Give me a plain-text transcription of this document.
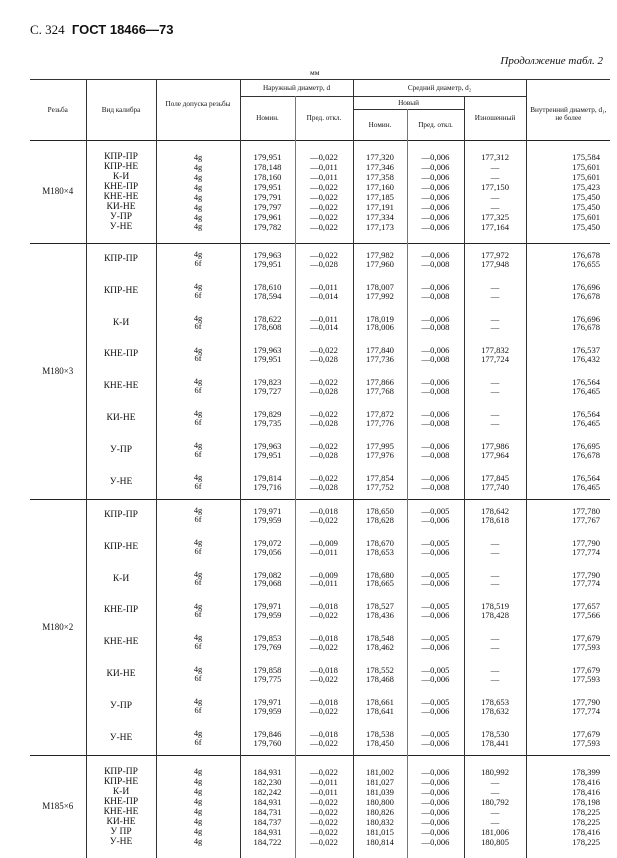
С. 324 ГОСТ 18466—73
Продолжение табл. 2
мм
Резьба	Вид калибра	Поле допуска резьбы	Наружный диаметр, d		Средний диаметр, d₂			Внутренний диаметр, d₁, не более
			Номин.	Пред. откл.	Новый		Изношенный	
					Номин.	Пред. откл.		
М180×4	КПР-ПР	4g	179,951	—0,022	177,320	—0,006	177,312	175,584
	КПР-НЕ	4g	178,148	—0,011	177,346	—0,006	—	175,601
	К-И	4g	178,160	—0,011	177,358	—0,006	—	175,601
	КНЕ-ПР	4g	179,951	—0,022	177,160	—0,006	177,150	175,423
	КНЕ-НЕ	4g	179,791	—0,022	177,185	—0,006	—	175,450
	КИ-НЕ	4g	179,797	—0,022	177,191	—0,006	—	175,450
	У-ПР	4g	179,961	—0,022	177,334	—0,006	177,325	175,601
	У-НЕ	4g	179,782	—0,022	177,173	—0,006	177,164	175,450
М180×3	КПР-ПР	4g	179,963	—0,022	177,982	—0,006	177,972	176,678
		6f	179,951	—0,028	177,960	—0,008	177,948	176,655
	КПР-НЕ	4g	178,610	—0,011	178,007	—0,006	—	176,696
		6f	178,594	—0,014	177,992	—0,008	—	176,678
	К-И	4g	178,622	—0,011	178,019	—0,006	—	176,696
		6f	178,608	—0,014	178,006	—0,008	—	176,678
	КНЕ-ПР	4g	179,963	—0,022	177,840	—0,006	177,832	176,537
		6f	179,951	—0,028	177,736	—0,008	177,724	176,432
	КНЕ-НЕ	4g	179,823	—0,022	177,866	—0,006	—	176,564
		6f	179,727	—0,028	177,768	—0,008	—	176,465
	КИ-НЕ	4g	179,829	—0,022	177,872	—0,006	—	176,564
		6f	179,735	—0,028	177,776	—0,008	—	176,465
	У-ПР	4g	179,963	—0,022	177,995	—0,006	177,986	176,695
		6f	179,951	—0,028	177,976	—0,008	177,964	176,678
	У-НЕ	4g	179,814	—0,022	177,854	—0,006	177,845	176,564
		6f	179,716	—0,028	177,752	—0,008	177,740	176,465
М180×2	КПР-ПР	4g	179,971	—0,018	178,650	—0,005	178,642	177,780
		6f	179,959	—0,022	178,628	—0,006	178,618	177,767
	КПР-НЕ	4g	179,072	—0,009	178,670	—0,005	—	177,790
		6f	179,056	—0,011	178,653	—0,006	—	177,774
	К-И	4g	179,082	—0,009	178,680	—0,005	—	177,790
		6f	179,068	—0,011	178,665	—0,006	—	177,774
	КНЕ-ПР	4g	179,971	—0,018	178,527	—0,005	178,519	177,657
		6f	179,959	—0,022	178,436	—0,006	178,428	177,566
	КНЕ-НЕ	4g	179,853	—0,018	178,548	—0,005	—	177,679
		6f	179,769	—0,022	178,462	—0,006	—	177,593
	КИ-НЕ	4g	179,858	—0,018	178,552	—0,005	—	177,679
		6f	179,775	—0,022	178,468	—0,006	—	177,593
	У-ПР	4g	179,971	—0,018	178,661	—0,005	178,653	177,790
		6f	179,959	—0,022	178,641	—0,006	178,632	177,774
	У-НЕ	4g	179,846	—0,018	178,538	—0,005	178,530	177,679
		6f	179,760	—0,022	178,450	—0,006	178,441	177,593
М185×6	КПР-ПР	4g	184,931	—0,022	181,002	—0,006	180,992	178,399
	КПР-НЕ	4g	182,230	—0,011	181,027	—0,006	—	178,416
	К-И	4g	182,242	—0,011	181,039	—0,006	—	178,416
	КНЕ-ПР	4g	184,931	—0,022	180,800	—0,006	180,792	178,198
	КНЕ-НЕ	4g	184,731	—0,022	180,826	—0,006	—	178,225
	КИ-НЕ	4g	184,737	—0,022	180,832	—0,006	—	178,225
	У ПР	4g	184,931	—0,022	181,015	—0,006	181,006	178,416
	У-НЕ	4g	184,722	—0,022	180,814	—0,006	180,805	178,225
